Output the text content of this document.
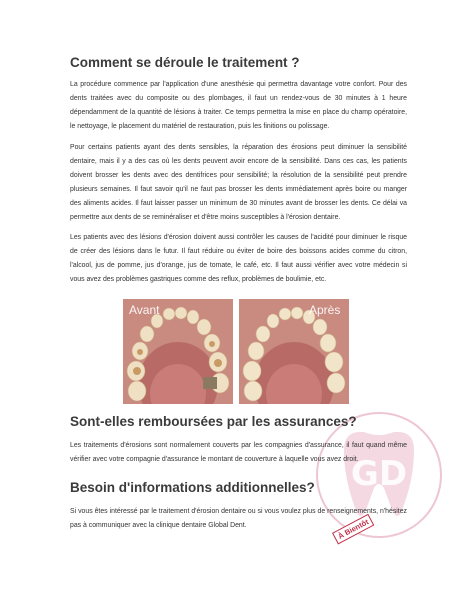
Comment se déroule le traitement ?

La procédure commence par l'application d'une anesthésie qui permettra davantage votre confort. Pour des dents traitées avec du composite ou des plombages, il faut un rendez-vous de 30 minutes à 1 heure dépendamment de la quantité de lésions à traiter. Ce temps permettra la mise en place du champ opératoire, le nettoyage, le placement du matériel de restauration, puis les finitions ou polissage.

Pour certains patients ayant des dents sensibles, la réparation des érosions peut diminuer la sensibilité dentaire, mais il y a des cas où les dents peuvent avoir encore de la sensibilité. Dans ces cas, les patients doivent brosser les dents avec des dentifrices pour sensibilité; la résolution de la sensibilité peut prendre plusieurs semaines. Il faut savoir qu'il ne faut pas brosser les dents immédiatement après boire ou manger des aliments acides. Il faut laisser passer un minimum de 30 minutes avant de brosser les dents. Ce délai va permettre aux dents de se reminéraliser et d'être moins susceptibles à l'érosion dentaire.

Les patients avec des lésions d'érosion doivent aussi contrôler les causes de l'acidité pour diminuer le risque de créer des lésions dans le futur. Il faut réduire ou éviter de boire des boissons acides comme du citron, l'alcool, jus de pomme, jus d'orange, jus de tomate, le café, etc. Il faut aussi vérifier avec votre médecin si vous avez des problèmes gastriques comme des reflux, problèmes de boulimie, etc.

Avant	Après
GD
Sont-elles remboursées par les assurances?

Les traitements d'érosions sont normalement couverts par les compagnies d'assurance, il faut quand même vérifier avec votre compagnie d'assurance le montant de couverture à laquelle vous avez droit.

Besoin d'informations additionnelles?

Si vous êtes intéressé par le traitement d'érosion dentaire ou si vous voulez plus de renseignements, n'hésitez pas à communiquer avec la clinique dentaire Global Dent.	À Bientôt
